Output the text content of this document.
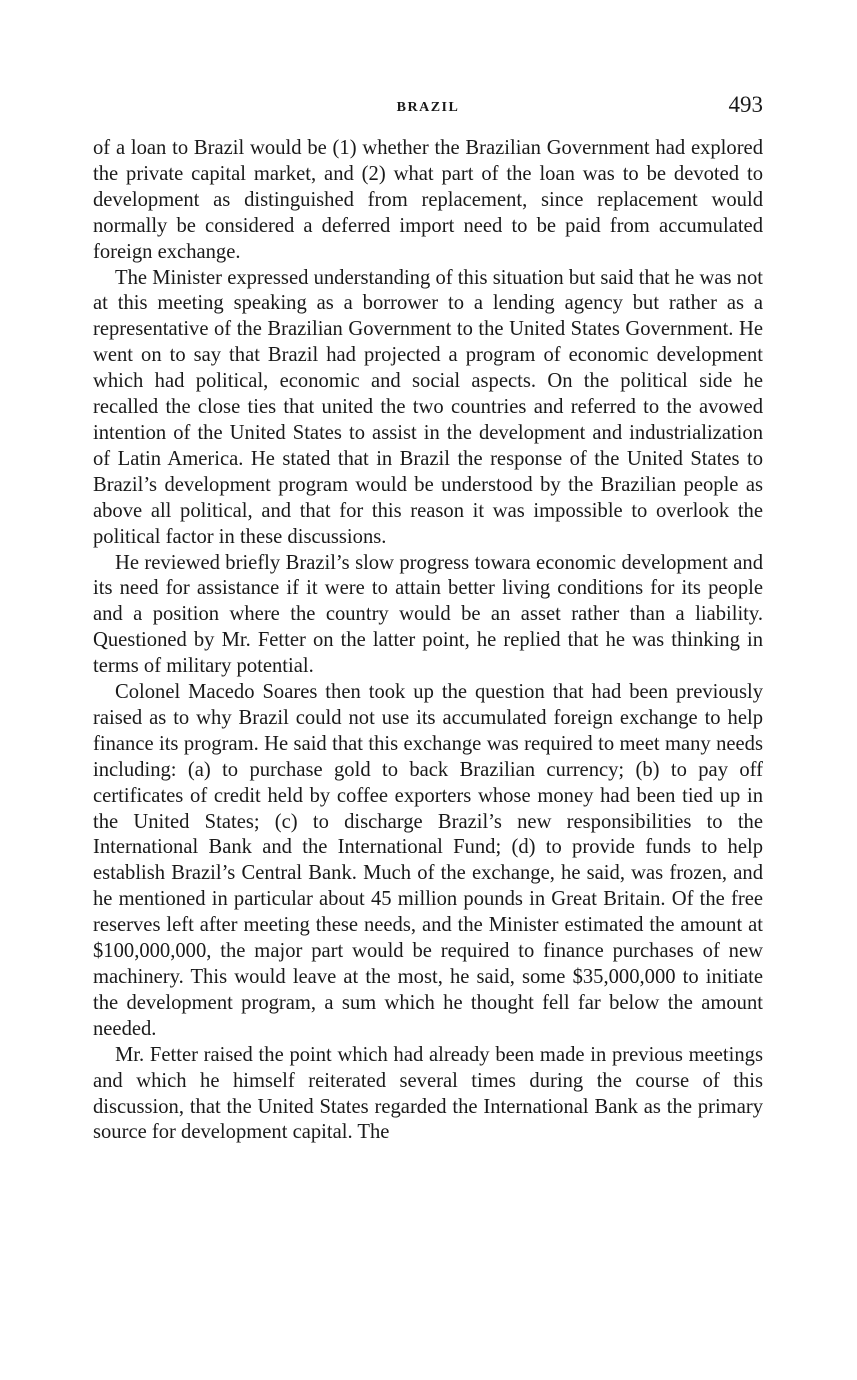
BRAZIL	493

of a loan to Brazil would be (1) whether the Brazilian Government had explored the private capital market, and (2) what part of the loan was to be devoted to development as distinguished from replacement, since replacement would normally be considered a deferred import need to be paid from accumulated foreign exchange.

The Minister expressed understanding of this situation but said that he was not at this meeting speaking as a borrower to a lending agency but rather as a representative of the Brazilian Government to the United States Government. He went on to say that Brazil had projected a program of economic development which had political, economic and social aspects. On the political side he recalled the close ties that united the two countries and referred to the avowed intention of the United States to assist in the development and industrialization of Latin America. He stated that in Brazil the response of the United States to Brazil’s development program would be understood by the Brazilian people as above all political, and that for this reason it was impossible to overlook the political factor in these discussions.

He reviewed briefly Brazil’s slow progress towara economic development and its need for assistance if it were to attain better living conditions for its people and a position where the country would be an asset rather than a liability. Questioned by Mr. Fetter on the latter point, he replied that he was thinking in terms of military potential.

Colonel Macedo Soares then took up the question that had been previously raised as to why Brazil could not use its accumulated foreign exchange to help finance its program. He said that this exchange was required to meet many needs including: (a) to purchase gold to back Brazilian currency; (b) to pay off certificates of credit held by coffee exporters whose money had been tied up in the United States; (c) to discharge Brazil’s new responsibilities to the International Bank and the International Fund; (d) to provide funds to help establish Brazil’s Central Bank. Much of the exchange, he said, was frozen, and he mentioned in particular about 45 million pounds in Great Britain. Of the free reserves left after meeting these needs, and the Minister estimated the amount at $100,000,000, the major part would be required to finance purchases of new machinery. This would leave at the most, he said, some $35,000,000 to initiate the development program, a sum which he thought fell far below the amount needed.

Mr. Fetter raised the point which had already been made in previous meetings and which he himself reiterated several times during the course of this discussion, that the United States regarded the International Bank as the primary source for development capital. The
